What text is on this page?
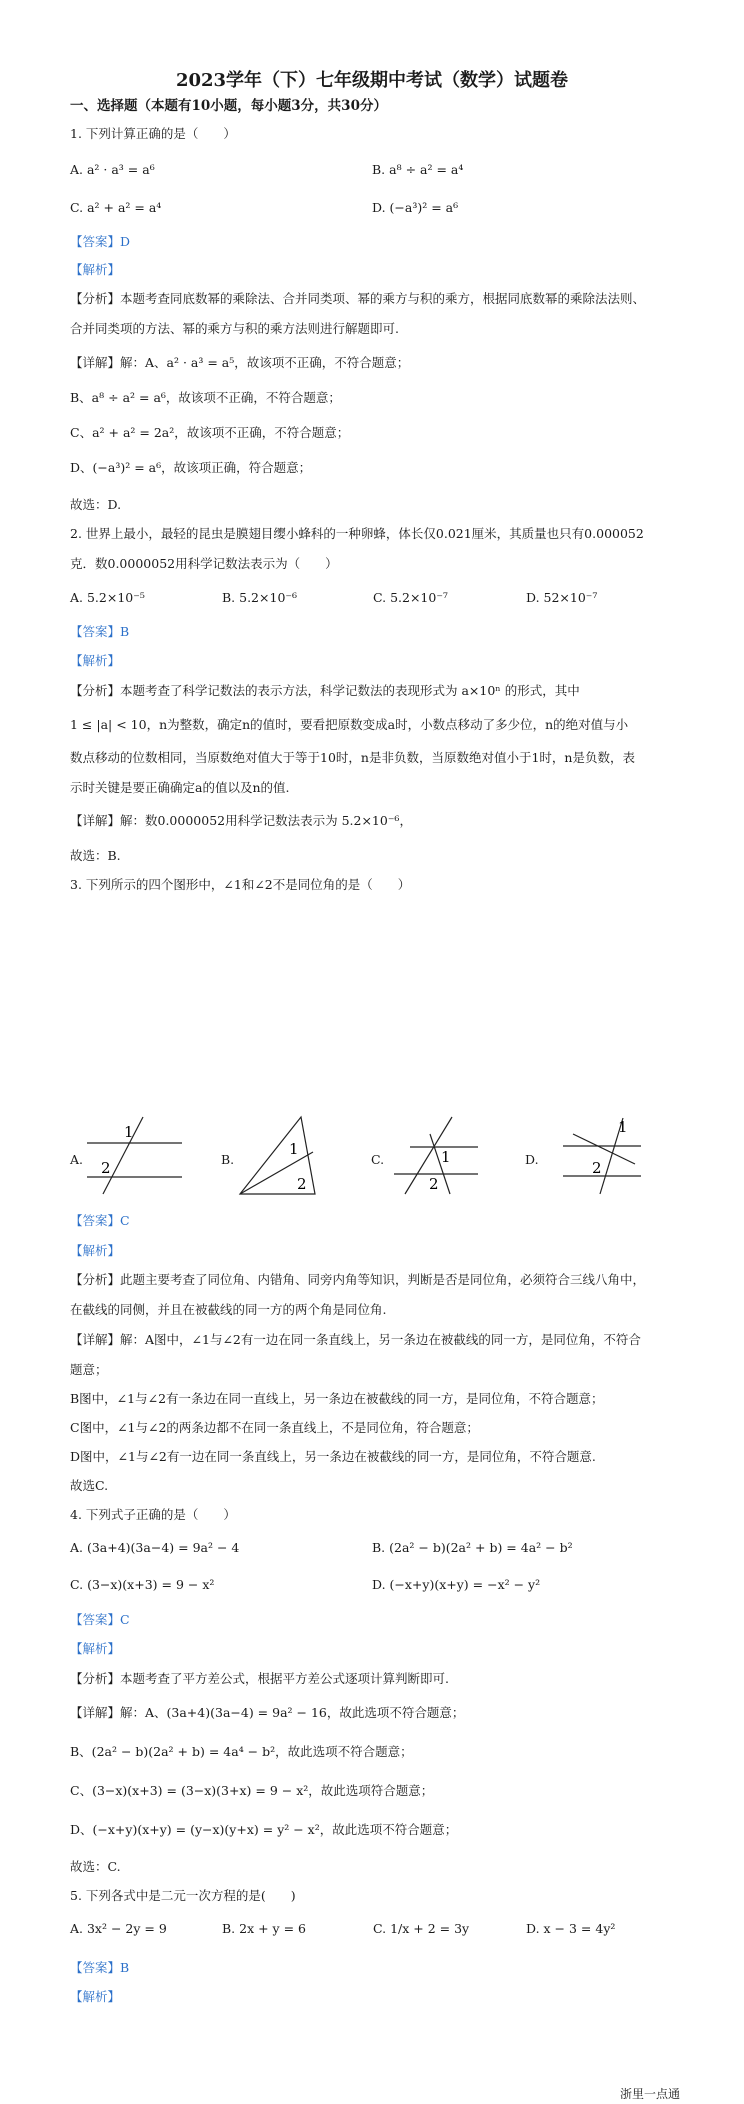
2023学年（下）七年级期中考试（数学）试题卷
一、选择题（本题有10小题，每小题3分，共30分）
1. 下列计算正确的是（　　）
A. a² · a³ = a⁶	B. a⁸ ÷ a² = a⁴
C. a² + a² = a⁴	D. (−a³)² = a⁶
【答案】D
【解析】
【分析】本题考查同底数幂的乘除法、合并同类项、幂的乘方与积的乘方，根据同底数幂的乘除法法则、
合并同类项的方法、幂的乘方与积的乘方法则进行解题即可.
【详解】解：A、a² · a³ = a⁵，故该项不正确，不符合题意；
B、a⁸ ÷ a² = a⁶，故该项不正确，不符合题意；
C、a² + a² = 2a²，故该项不正确，不符合题意；
D、(−a³)² = a⁶，故该项正确，符合题意；
故选：D.
2. 世界上最小，最轻的昆虫是膜翅目缨小蜂科的一种卵蜂，体长仅0.021厘米，其质量也只有0.000052
克．数0.0000052用科学记数法表示为（　　）
A. 5.2×10⁻⁵	B. 5.2×10⁻⁶	C. 5.2×10⁻⁷	D. 52×10⁻⁷
【答案】B
【解析】
【分析】本题考查了科学记数法的表示方法，科学记数法的表现形式为 a×10ⁿ 的形式，其中
1 ≤ |a| < 10，n为整数，确定n的值时，要看把原数变成a时，小数点移动了多少位，n的绝对值与小
数点移动的位数相同，当原数绝对值大于等于10时，n是非负数，当原数绝对值小于1时，n是负数，表
示时关键是要正确确定a的值以及n的值.
【详解】解：数0.0000052用科学记数法表示为 5.2×10⁻⁶，
故选：B.
3. 下列所示的四个图形中，∠1和∠2不是同位角的是（　　）
A.	B.	C.	D.
1
2
1
2
1
2
1
2
【答案】C
【解析】
【分析】此题主要考查了同位角、内错角、同旁内角等知识，判断是否是同位角，必须符合三线八角中，
在截线的同侧，并且在被截线的同一方的两个角是同位角.
【详解】解：A图中，∠1与∠2有一边在同一条直线上，另一条边在被截线的同一方，是同位角，不符合
题意；
B图中，∠1与∠2有一条边在同一直线上，另一条边在被截线的同一方，是同位角，不符合题意；
C图中，∠1与∠2的两条边都不在同一条直线上，不是同位角，符合题意；
D图中，∠1与∠2有一边在同一条直线上，另一条边在被截线的同一方，是同位角，不符合题意.
故选C.
4. 下列式子正确的是（　　）
A. (3a+4)(3a−4) = 9a² − 4	B. (2a² − b)(2a² + b) = 4a² − b²
C. (3−x)(x+3) = 9 − x²	D. (−x+y)(x+y) = −x² − y²
【答案】C
【解析】
【分析】本题考查了平方差公式，根据平方差公式逐项计算判断即可.
【详解】解：A、(3a+4)(3a−4) = 9a² − 16，故此选项不符合题意；
B、(2a² − b)(2a² + b) = 4a⁴ − b²，故此选项不符合题意；
C、(3−x)(x+3) = (3−x)(3+x) = 9 − x²，故此选项符合题意；
D、(−x+y)(x+y) = (y−x)(y+x) = y² − x²，故此选项不符合题意；
故选：C.
5. 下列各式中是二元一次方程的是(　　)
A. 3x² − 2y = 9	B. 2x + y = 6	C. 1/x + 2 = 3y	D. x − 3 = 4y²
【答案】B
【解析】
浙里一点通
